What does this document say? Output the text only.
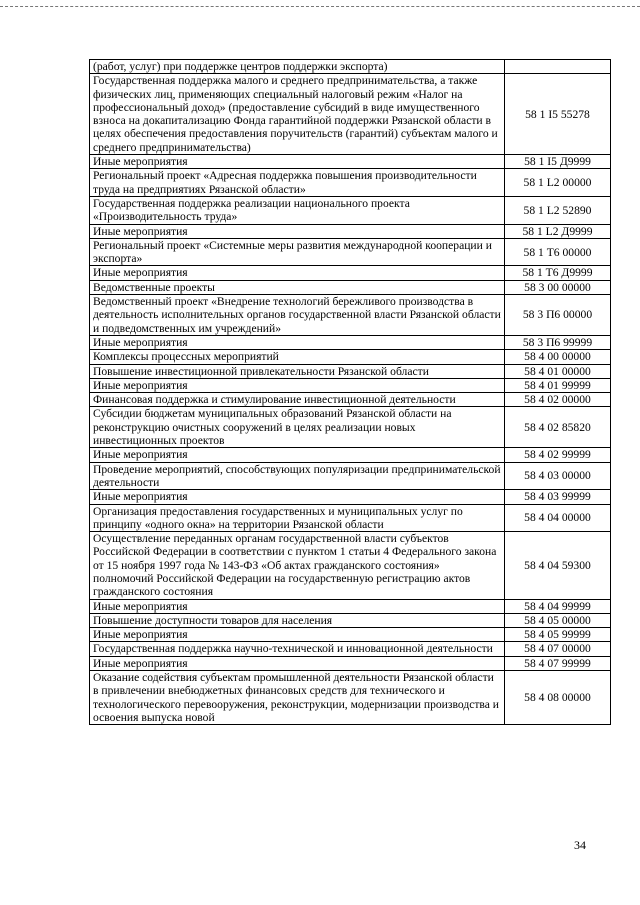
(работ, услуг) при поддержке центров поддержки экспорта)	
Государственная поддержка малого и среднего предпринимательства, а также физических лиц, применяющих специальный налоговый режим «Налог на профессиональный доход» (предоставление субсидий в виде имущественного взноса на докапитализацию Фонда гарантийной поддержки Рязанской области в целях обеспечения предоставления поручительств (гарантий) субъектам малого и среднего предпринимательства)	58 1 I5 55278
Иные мероприятия	58 1 I5 Д9999
Региональный проект «Адресная поддержка повышения производительности труда на предприятиях Рязанской области»	58 1 L2 00000
Государственная поддержка реализации национального проекта «Производительность труда»	58 1 L2 52890
Иные мероприятия	58 1 L2 Д9999
Региональный проект «Системные меры развития международной кооперации и экспорта»	58 1 Т6 00000
Иные мероприятия	58 1 Т6 Д9999
Ведомственные проекты	58 3 00 00000
Ведомственный проект «Внедрение технологий бережливого производства в деятельность исполнительных органов государственной власти Рязанской области и подведомственных им учреждений»	58 3 П6 00000
Иные мероприятия	58 3 П6 99999
Комплексы процессных мероприятий	58 4 00 00000
Повышение инвестиционной привлекательности Рязанской области	58 4 01 00000
Иные мероприятия	58 4 01 99999
Финансовая поддержка и стимулирование инвестиционной деятельности	58 4 02 00000
Субсидии бюджетам муниципальных образований Рязанской области на реконструкцию очистных сооружений в целях реализации новых инвестиционных проектов	58 4 02 85820
Иные мероприятия	58 4 02 99999
Проведение мероприятий, способствующих популяризации предпринимательской деятельности	58 4 03 00000
Иные мероприятия	58 4 03 99999
Организация предоставления государственных и муниципальных услуг по принципу «одного окна» на территории Рязанской области	58 4 04 00000
Осуществление переданных органам государственной власти субъектов Российской Федерации в соответствии с пунктом 1 статьи 4 Федерального закона от 15 ноября 1997 года № 143-ФЗ «Об актах гражданского состояния» полномочий Российской Федерации на государственную регистрацию актов гражданского состояния	58 4 04 59300
Иные мероприятия	58 4 04 99999
Повышение доступности товаров для населения	58 4 05 00000
Иные мероприятия	58 4 05 99999
Государственная поддержка научно-технической и инновационной деятельности	58 4 07 00000
Иные мероприятия	58 4 07 99999
Оказание содействия субъектам промышленной деятельности Рязанской области в привлечении внебюджетных финансовых средств для технического и технологического перевооружения, реконструкции, модернизации производства и освоения выпуска новой	58 4 08 00000
34
